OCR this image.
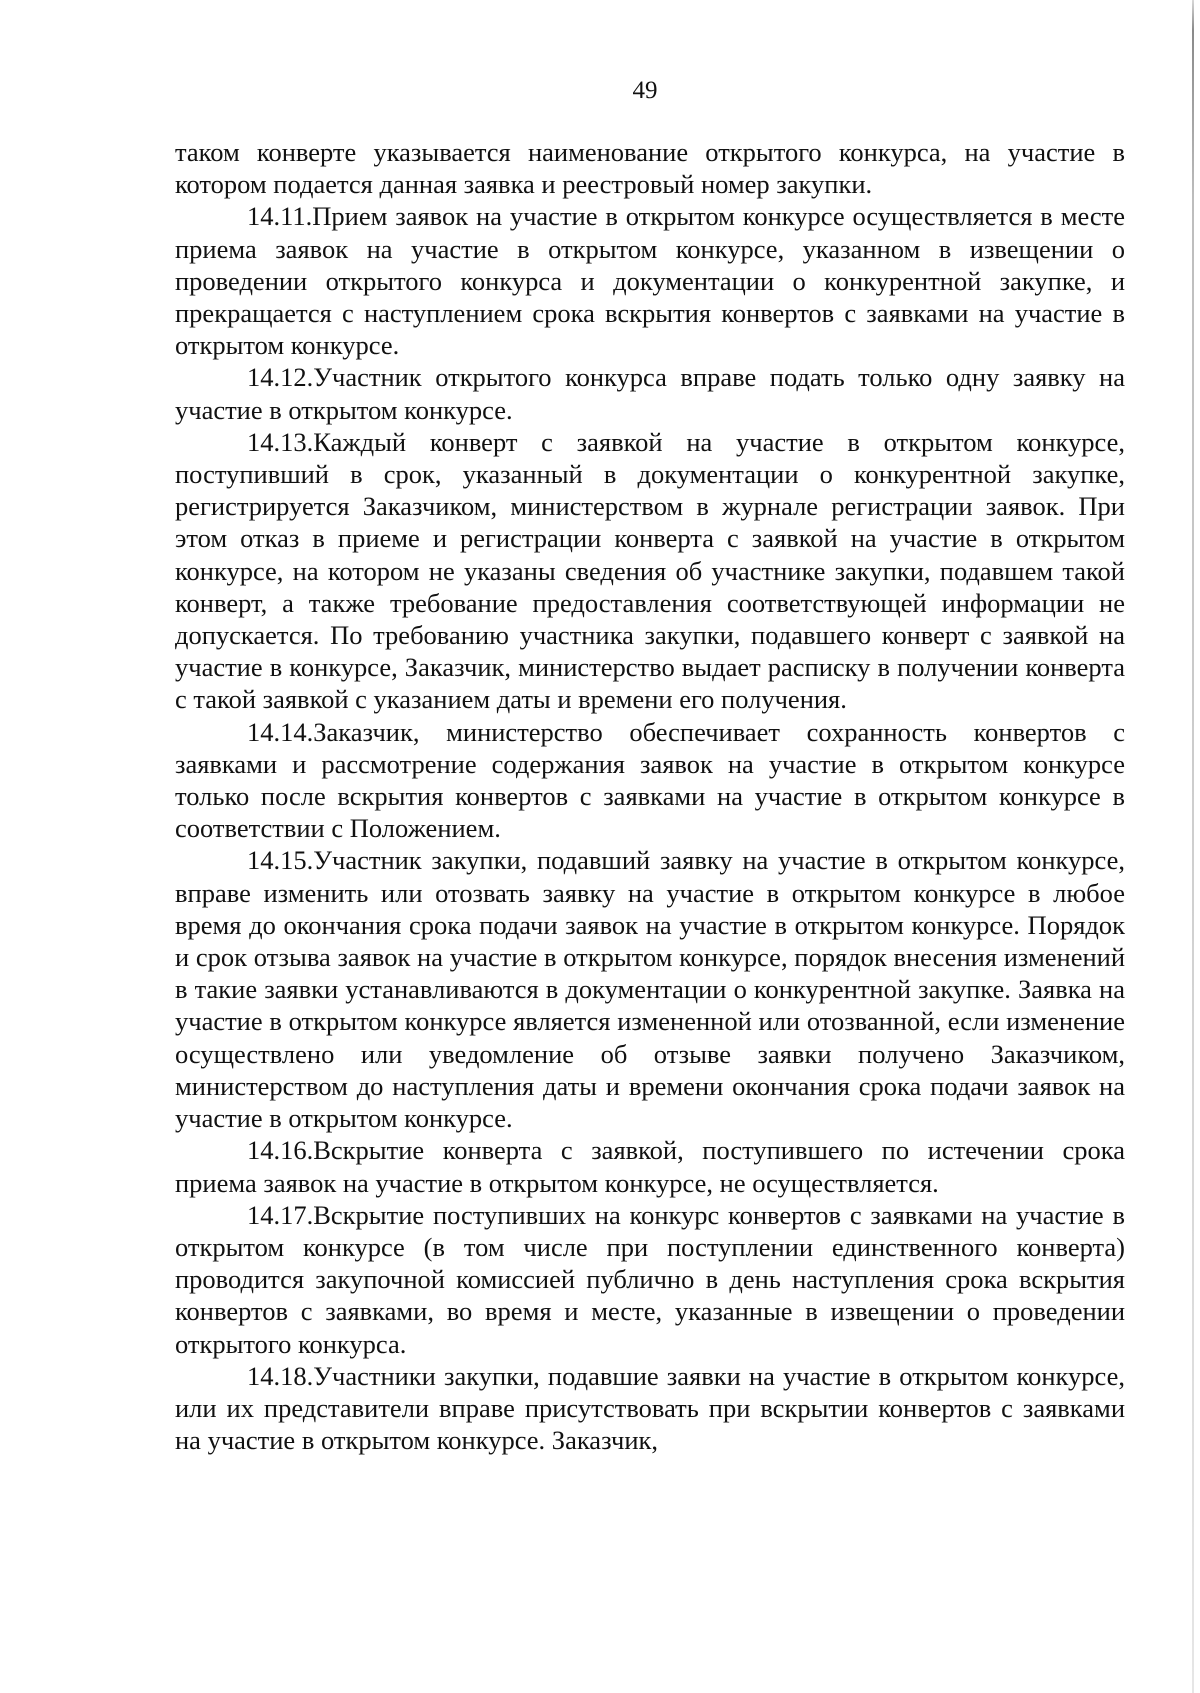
49

таком конверте указывается наименование открытого конкурса, на участие в котором подается данная заявка и реестровый номер закупки.

14.11.Прием заявок на участие в открытом конкурсе осуществляется в месте приема заявок на участие в открытом конкурсе, указанном в извещении о проведении открытого конкурса и документации о конкурентной закупке, и прекращается с наступлением срока вскрытия конвертов с заявками на участие в открытом конкурсе.

14.12.Участник открытого конкурса вправе подать только одну заявку на участие в открытом конкурсе.

14.13.Каждый конверт с заявкой на участие в открытом конкурсе, поступивший в срок, указанный в документации о конкурентной закупке, регистрируется Заказчиком, министерством в журнале регистрации заявок. При этом отказ в приеме и регистрации конверта с заявкой на участие в открытом конкурсе, на котором не указаны сведения об участнике закупки, подавшем такой конверт, а также требование предоставления соответствующей информации не допускается. По требованию участника закупки, подавшего конверт с заявкой на участие в конкурсе, Заказчик, министерство выдает расписку в получении конверта с такой заявкой с указанием даты и времени его получения.

14.14.Заказчик, министерство обеспечивает сохранность конвертов с заявками и рассмотрение содержания заявок на участие в открытом конкурсе только после вскрытия конвертов с заявками на участие в открытом конкурсе в соответствии с Положением.

14.15.Участник закупки, подавший заявку на участие в открытом конкурсе, вправе изменить или отозвать заявку на участие в открытом конкурсе в любое время до окончания срока подачи заявок на участие в открытом конкурсе. Порядок и срок отзыва заявок на участие в открытом конкурсе, порядок внесения изменений в такие заявки устанавливаются в документации о конкурентной закупке. Заявка на участие в открытом конкурсе является измененной или отозванной, если изменение осуществлено или уведомление об отзыве заявки получено Заказчиком, министерством до наступления даты и времени окончания срока подачи заявок на участие в открытом конкурсе.

14.16.Вскрытие конверта с заявкой, поступившего по истечении срока приема заявок на участие в открытом конкурсе, не осуществляется.

14.17.Вскрытие поступивших на конкурс конвертов с заявками на участие в открытом конкурсе (в том числе при поступлении единственного конверта) проводится закупочной комиссией публично в день наступления срока вскрытия конвертов с заявками, во время и месте, указанные в извещении о проведении открытого конкурса.

14.18.Участники закупки, подавшие заявки на участие в открытом конкурсе, или их представители вправе присутствовать при вскрытии конвертов с заявками на участие в открытом конкурсе. Заказчик,
